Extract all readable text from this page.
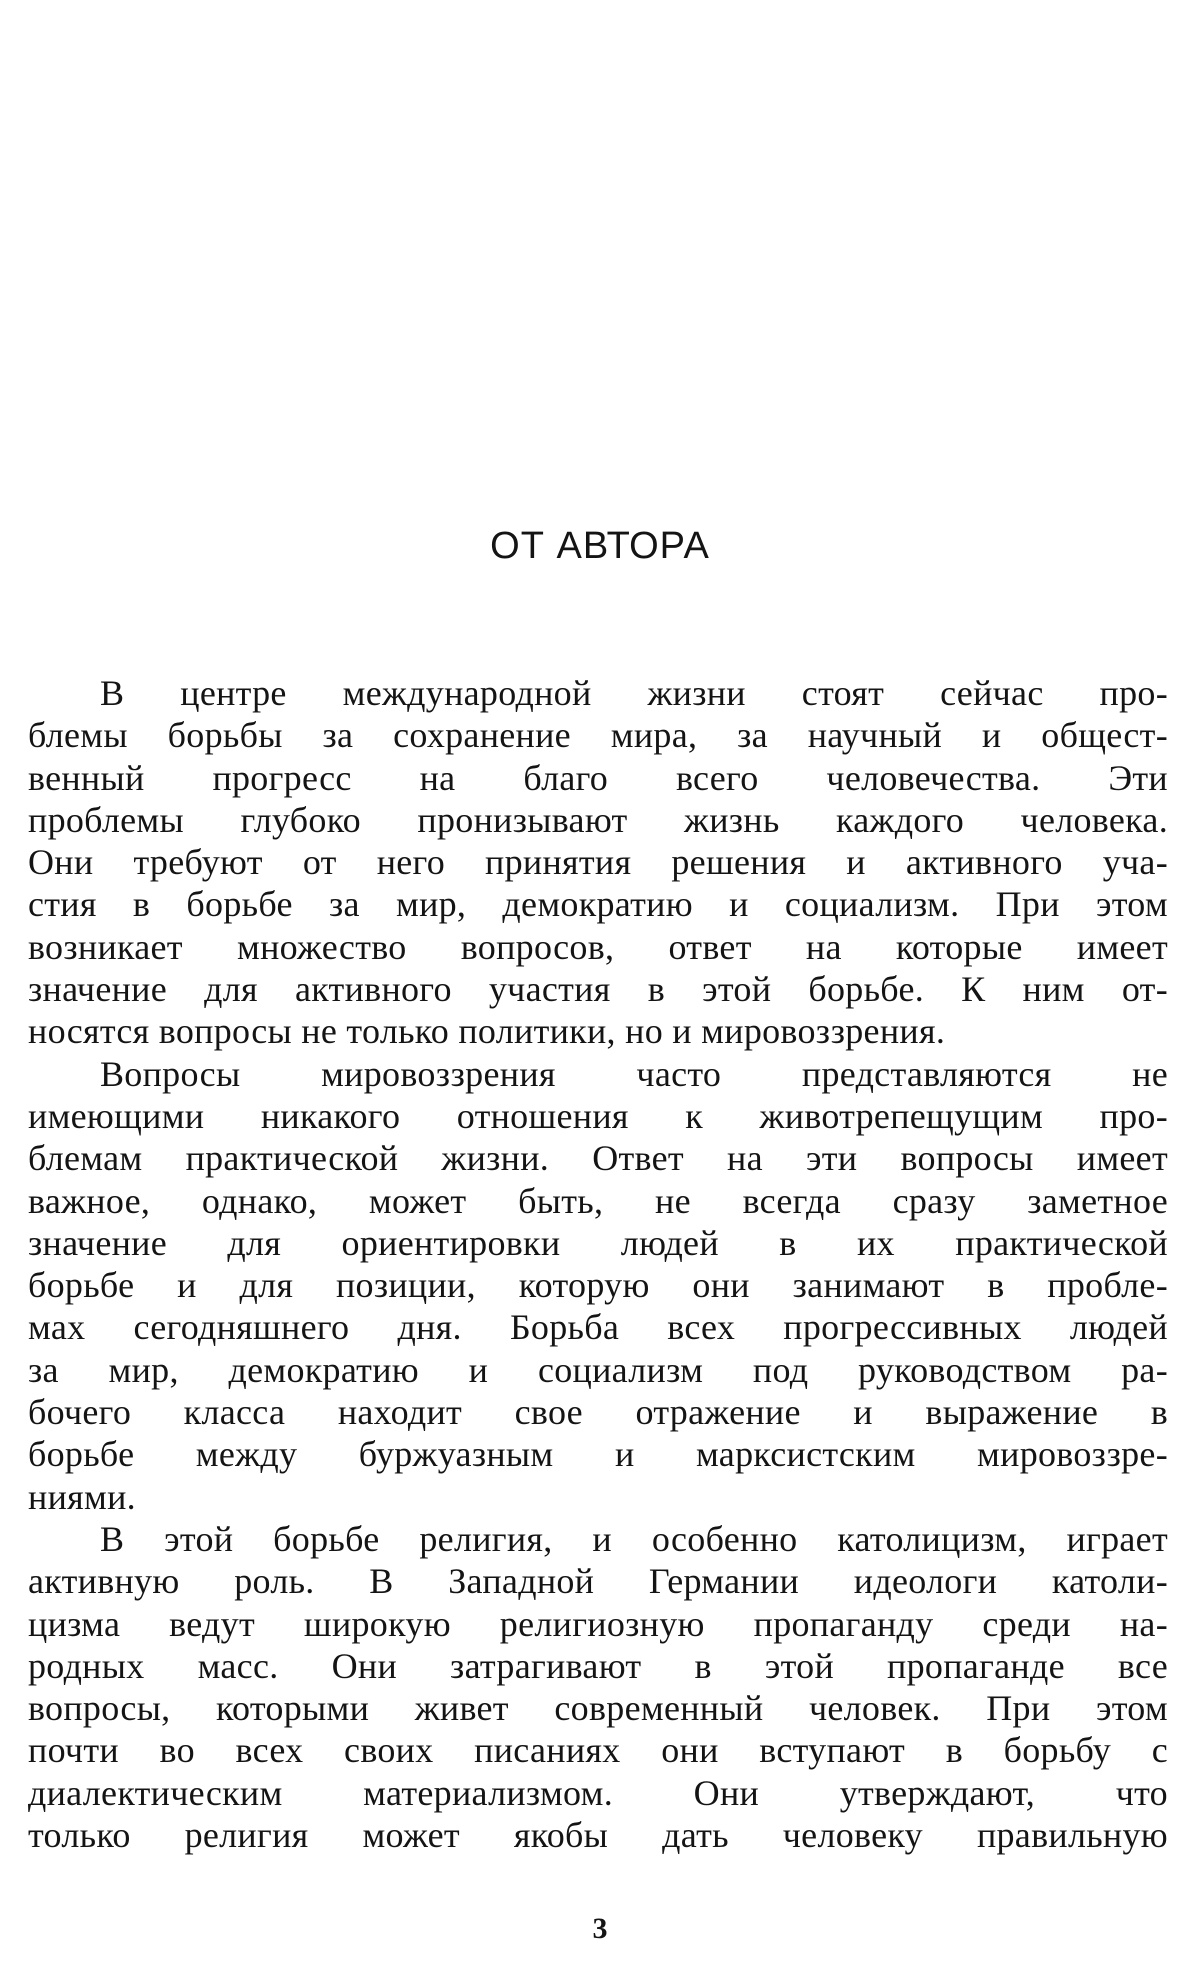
ОТ АВТОРА
В центре международной жизни стоят сейчас про-
блемы борьбы за сохранение мира, за научный и общест-
венный прогресс на благо всего человечества. Эти
проблемы глубоко пронизывают жизнь каждого человека.
Они требуют от него принятия решения и активного уча-
стия в борьбе за мир, демократию и социализм. При этом
возникает множество вопросов, ответ на которые имеет
значение для активного участия в этой борьбе. К ним от-
носятся вопросы не только политики, но и мировоззрения.
Вопросы мировоззрения часто представляются не
имеющими никакого отношения к животрепещущим про-
блемам практической жизни. Ответ на эти вопросы имеет
важное, однако, может быть, не всегда сразу заметное
значение для ориентировки людей в их практической
борьбе и для позиции, которую они занимают в пробле-
мах сегодняшнего дня. Борьба всех прогрессивных людей
за мир, демократию и социализм под руководством ра-
бочего класса находит свое отражение и выражение в
борьбе между буржуазным и марксистским мировоззре-
ниями.
В этой борьбе религия, и особенно католицизм, играет
активную роль. В Западной Германии идеологи католи-
цизма ведут широкую религиозную пропаганду среди на-
родных масс. Они затрагивают в этой пропаганде все
вопросы, которыми живет современный человек. При этом
почти во всех своих писаниях они вступают в борьбу с
диалектическим материализмом. Они утверждают, что
только религия может якобы дать человеку правильную
3
